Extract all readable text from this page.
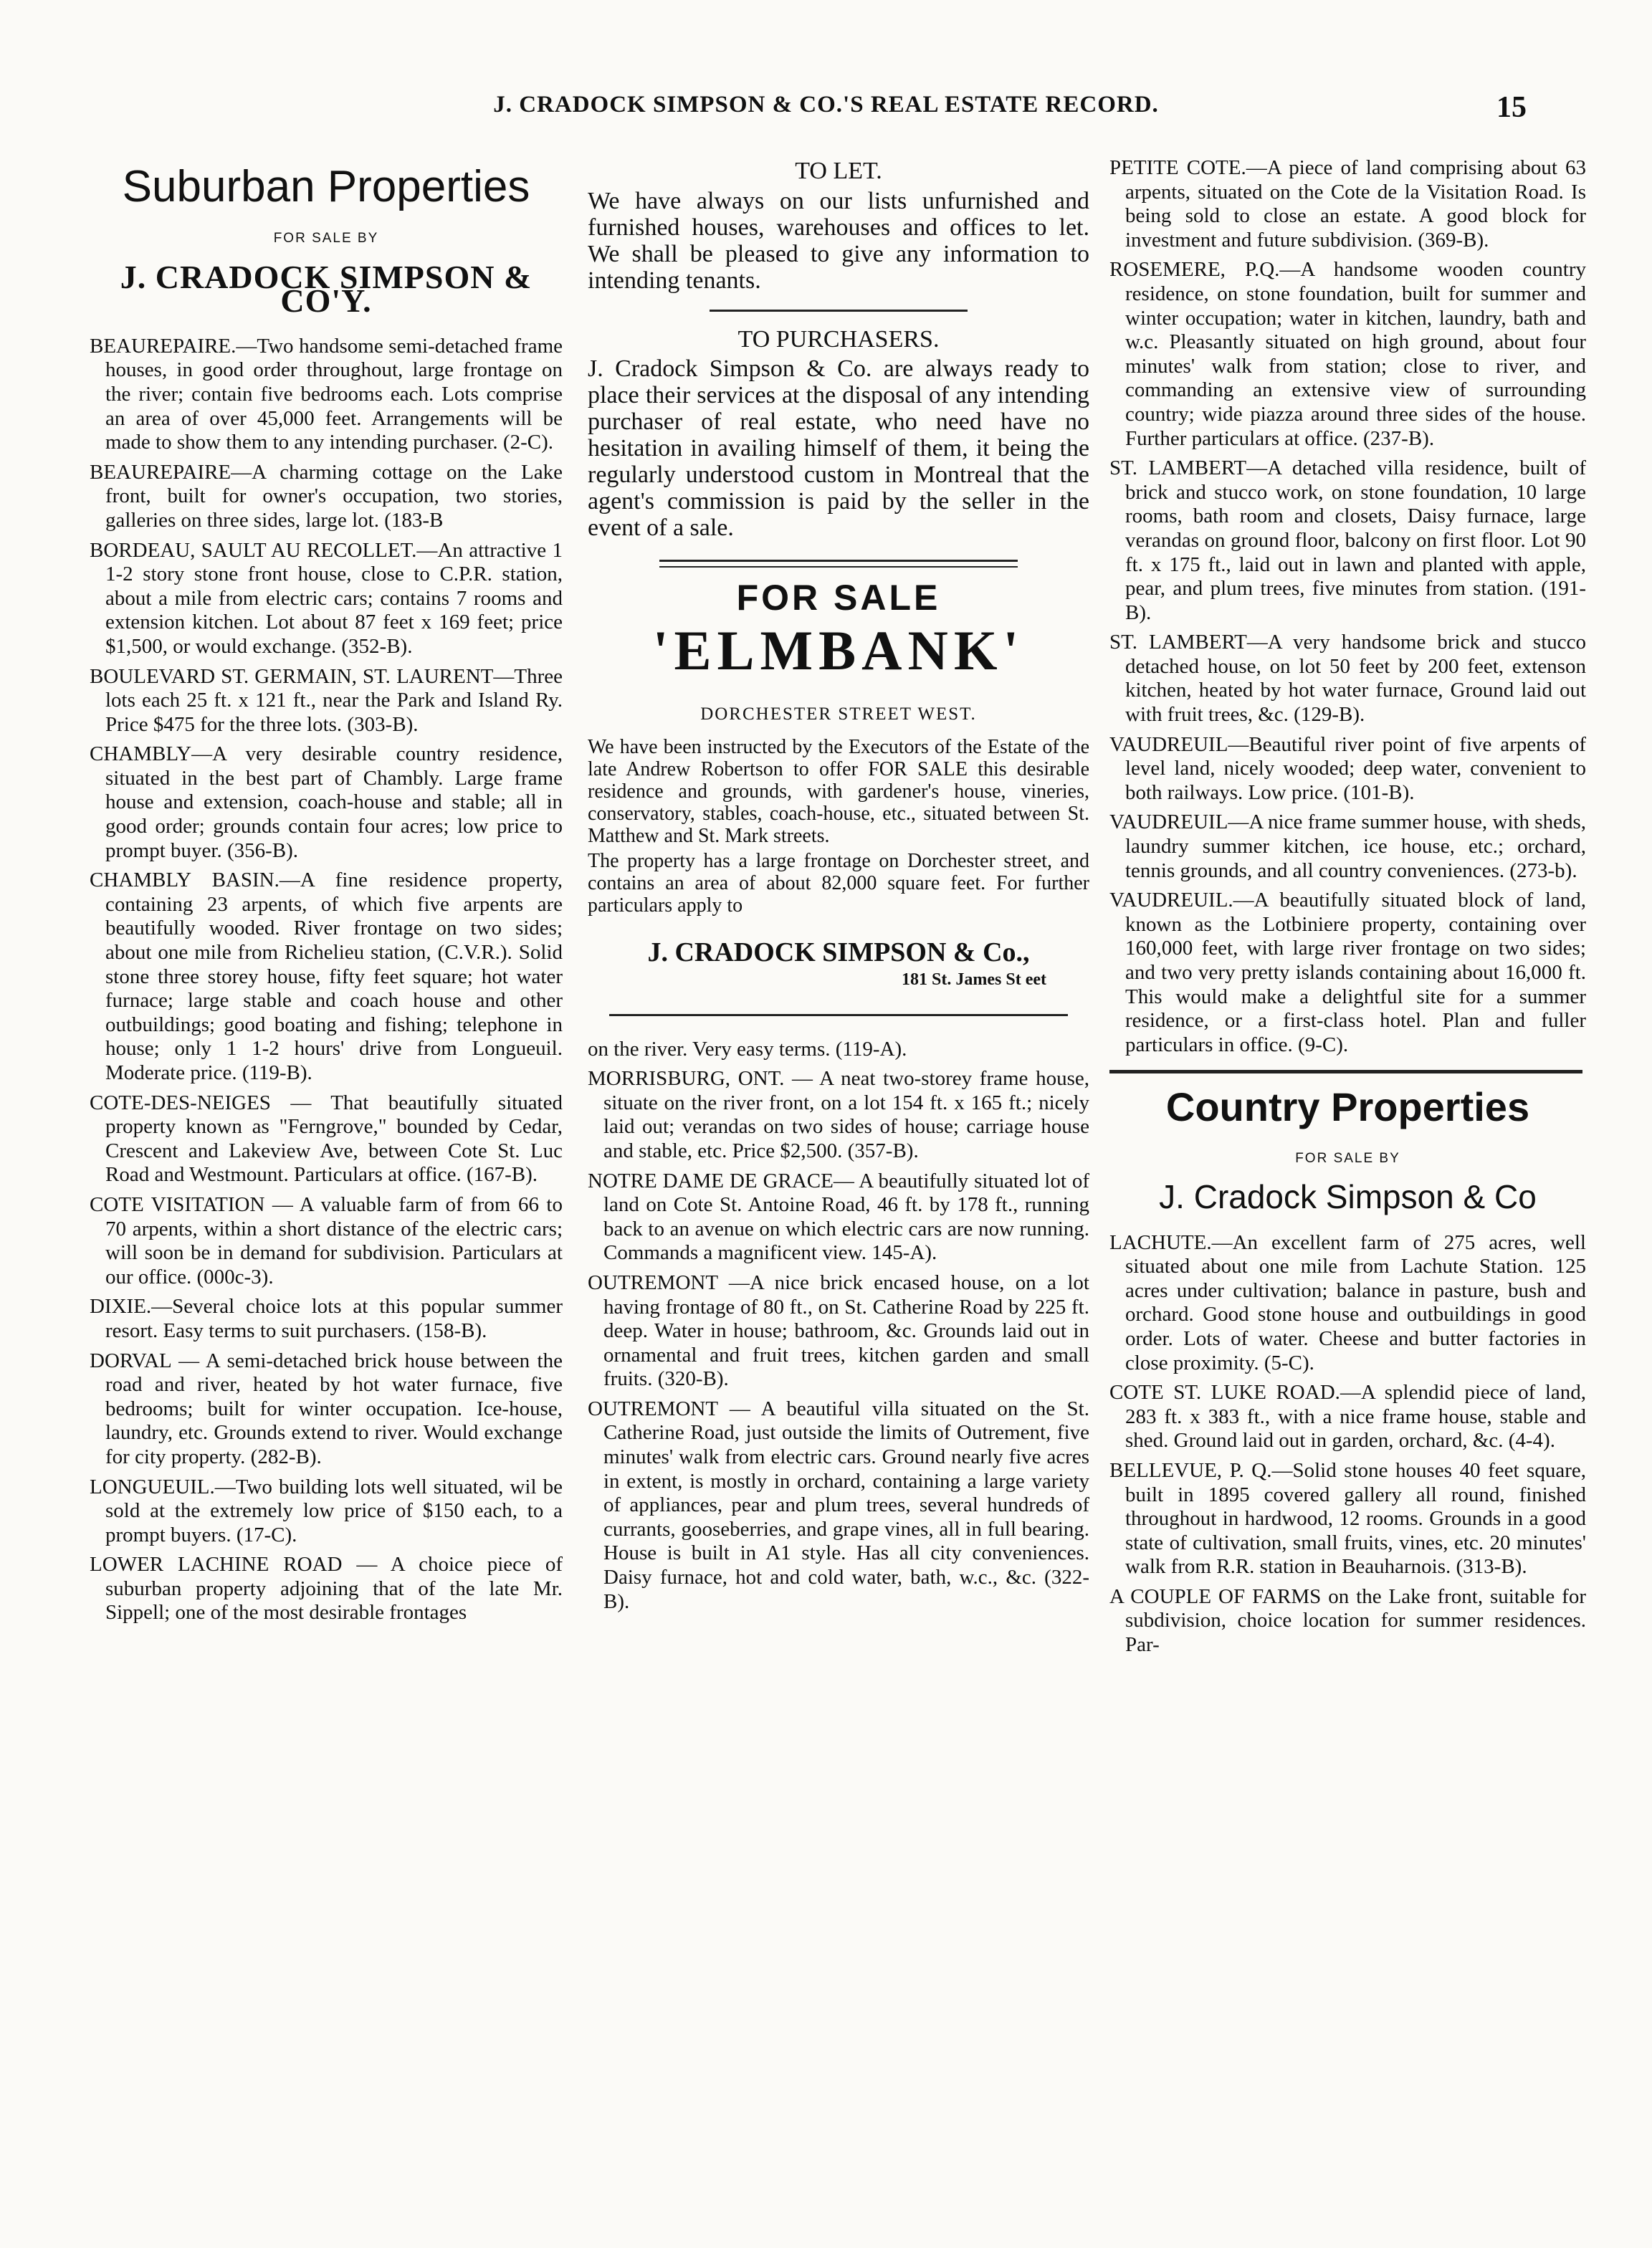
J. CRADOCK SIMPSON & CO.'S REAL ESTATE RECORD.	15
Suburban Properties
FOR SALE BY
J. CRADOCK SIMPSON & CO'Y.

BEAUREPAIRE.—Two handsome semi-detached frame houses, in good order throughout, large frontage on the river; contain five bedrooms each. Lots comprise an area of over 45,000 feet. Arrangements will be made to show them to any intending purchaser. (2-C).

BEAUREPAIRE—A charming cottage on the Lake front, built for owner's occupation, two stories, galleries on three sides, large lot. (183-B

BORDEAU, SAULT AU RECOLLET.—An attractive 1 1-2 story stone front house, close to C.P.R. station, about a mile from electric cars; contains 7 rooms and extension kitchen. Lot about 87 feet x 169 feet; price $1,500, or would exchange. (352-B).

BOULEVARD ST. GERMAIN, ST. LAURENT—Three lots each 25 ft. x 121 ft., near the Park and Island Ry. Price $475 for the three lots. (303-B).

CHAMBLY—A very desirable country residence, situated in the best part of Chambly. Large frame house and extension, coach-house and stable; all in good order; grounds contain four acres; low price to prompt buyer. (356-B).

CHAMBLY BASIN.—A fine residence property, containing 23 arpents, of which five arpents are beautifully wooded. River frontage on two sides; about one mile from Richelieu station, (C.V.R.). Solid stone three storey house, fifty feet square; hot water furnace; large stable and coach house and other outbuildings; good boating and fishing; telephone in house; only 1 1-2 hours' drive from Longueuil. Moderate price. (119-B).

COTE-DES-NEIGES — That beautifully situated property known as "Ferngrove," bounded by Cedar, Crescent and Lakeview Ave, between Cote St. Luc Road and Westmount. Particulars at office. (167-B).

COTE VISITATION — A valuable farm of from 66 to 70 arpents, within a short distance of the electric cars; will soon be in demand for subdivision. Particulars at our office. (000c-3).

DIXIE.—Several choice lots at this popular summer resort. Easy terms to suit purchasers. (158-B).

DORVAL — A semi-detached brick house between the road and river, heated by hot water furnace, five bedrooms; built for winter occupation. Ice-house, laundry, etc. Grounds extend to river. Would exchange for city property. (282-B).

LONGUEUIL.—Two building lots well situated, wil be sold at the extremely low price of $150 each, to a prompt buyers. (17-C).

LOWER LACHINE ROAD — A choice piece of suburban property adjoining that of the late Mr. Sippell; one of the most desirable frontages

TO LET.

We have always on our lists unfurnished and furnished houses, warehouses and offices to let. We shall be pleased to give any information to intending tenants.

TO PURCHASERS.

J. Cradock Simpson & Co. are always ready to place their services at the disposal of any intending purchaser of real estate, who need have no hesitation in availing himself of them, it being the regularly understood custom in Montreal that the agent's commission is paid by the seller in the event of a sale.

FOR SALE
'ELMBANK'
DORCHESTER STREET WEST.

We have been instructed by the Executors of the Estate of the late Andrew Robertson to offer FOR SALE this desirable residence and grounds, with gardener's house, vineries, conservatory, stables, coach-house, etc., situated between St. Matthew and St. Mark streets.

The property has a large frontage on Dorchester street, and contains an area of about 82,000 square feet. For further particulars apply to

J. CRADOCK SIMPSON & Co.,

181 St. James St eet

on the river. Very easy terms. (119-A).

MORRISBURG, ONT. — A neat two-storey frame house, situate on the river front, on a lot 154 ft. x 165 ft.; nicely laid out; verandas on two sides of house; carriage house and stable, etc. Price $2,500. (357-B).

NOTRE DAME DE GRACE— A beautifully situated lot of land on Cote St. Antoine Road, 46 ft. by 178 ft., running back to an avenue on which electric cars are now running. Commands a magnificent view. 145-A).

OUTREMONT —A nice brick encased house, on a lot having frontage of 80 ft., on St. Catherine Road by 225 ft. deep. Water in house; bathroom, &c. Grounds laid out in ornamental and fruit trees, kitchen garden and small fruits. (320-B).

OUTREMONT — A beautiful villa situated on the St. Catherine Road, just outside the limits of Outrement, five minutes' walk from electric cars. Ground nearly five acres in extent, is mostly in orchard, containing a large variety of appliances, pear and plum trees, several hundreds of currants, gooseberries, and grape vines, all in full bearing. House is built in A1 style. Has all city conveniences. Daisy furnace, hot and cold water, bath, w.c., &c. (322-B).

PETITE COTE.—A piece of land comprising about 63 arpents, situated on the Cote de la Visitation Road. Is being sold to close an estate. A good block for investment and future subdivision. (369-B).

ROSEMERE, P.Q.—A handsome wooden country residence, on stone foundation, built for summer and winter occupation; water in kitchen, laundry, bath and w.c. Pleasantly situated on high ground, about four minutes' walk from station; close to river, and commanding an extensive view of surrounding country; wide piazza around three sides of the house. Further particulars at office. (237-B).

ST. LAMBERT—A detached villa residence, built of brick and stucco work, on stone foundation, 10 large rooms, bath room and closets, Daisy furnace, large verandas on ground floor, balcony on first floor. Lot 90 ft. x 175 ft., laid out in lawn and planted with apple, pear, and plum trees, five minutes from station. (191-B).

ST. LAMBERT—A very handsome brick and stucco detached house, on lot 50 feet by 200 feet, extenson kitchen, heated by hot water furnace, Ground laid out with fruit trees, &c. (129-B).

VAUDREUIL—Beautiful river point of five arpents of level land, nicely wooded; deep water, convenient to both railways. Low price. (101-B).

VAUDREUIL—A nice frame summer house, with sheds, laundry summer kitchen, ice house, etc.; orchard, tennis grounds, and all country conveniences. (273-b).

VAUDREUIL.—A beautifully situated block of land, known as the Lotbiniere property, containing over 160,000 feet, with large river frontage on two sides; and two very pretty islands containing about 16,000 ft. This would make a delightful site for a summer residence, or a first-class hotel. Plan and fuller particulars in office. (9-C).

Country Properties
FOR SALE BY
J. Cradock Simpson & Co

LACHUTE.—An excellent farm of 275 acres, well situated about one mile from Lachute Station. 125 acres under cultivation; balance in pasture, bush and orchard. Good stone house and outbuildings in good order. Lots of water. Cheese and butter factories in close proximity. (5-C).

COTE ST. LUKE ROAD.—A splendid piece of land, 283 ft. x 383 ft., with a nice frame house, stable and shed. Ground laid out in garden, orchard, &c. (4-4).

BELLEVUE, P. Q.—Solid stone houses 40 feet square, built in 1895 covered gallery all round, finished throughout in hardwood, 12 rooms. Grounds in a good state of cultivation, small fruits, vines, etc. 20 minutes' walk from R.R. station in Beauharnois. (313-B).

A COUPLE OF FARMS on the Lake front, suitable for subdivision, choice location for summer residences. Par-
